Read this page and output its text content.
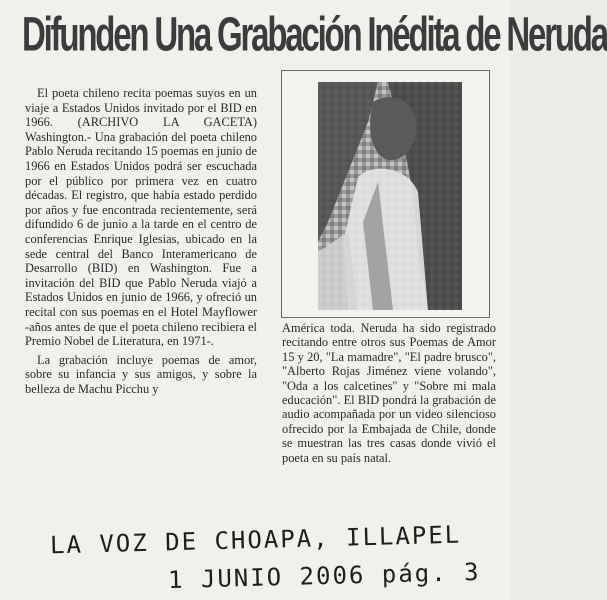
Difunden Una Grabación Inédita de Neruda

El poeta chileno recita poemas suyos en un viaje a Estados Unidos invitado por el BID en 1966. (ARCHIVO LA GACETA) Washington.- Una grabación del poeta chileno Pablo Neruda recitando 15 poemas en junio de 1966 en Estados Unidos podrá ser escuchada por el público por primera vez en cuatro décadas. El registro, que había estado perdido por años y fue encontrada recientemente, será difundido 6 de junio a la tarde en el centro de conferencias Enrique Iglesias, ubicado en la sede central del Banco Interamericano de Desarrollo (BID) en Washington. Fue a invitación del BID que Pablo Neruda viajó a Estados Unidos en junio de 1966, y ofreció un recital con sus poemas en el Hotel Mayflower -años antes de que el poeta chileno recibiera el Premio Nobel de Literatura, en 1971-.

La grabación incluye poemas de amor, sobre su infancia y sus amigos, y sobre la belleza de Machu Picchu y

América toda. Neruda ha sido registrado recitando entre otros sus Poemas de Amor 15 y 20, "La mamadre", "El padre brusco", "Alberto Rojas Jiménez viene volando", "Oda a los calcetines" y "Sobre mi mala educación". El BID pondrá la grabación de audio acompañada por un video silencioso ofrecido por la Embajada de Chile, donde se muestran las tres casas donde vivió el poeta en su país natal.

LA VOZ DE CHOAPA, ILLAPEL
1 JUNIO 2006 pág. 3
